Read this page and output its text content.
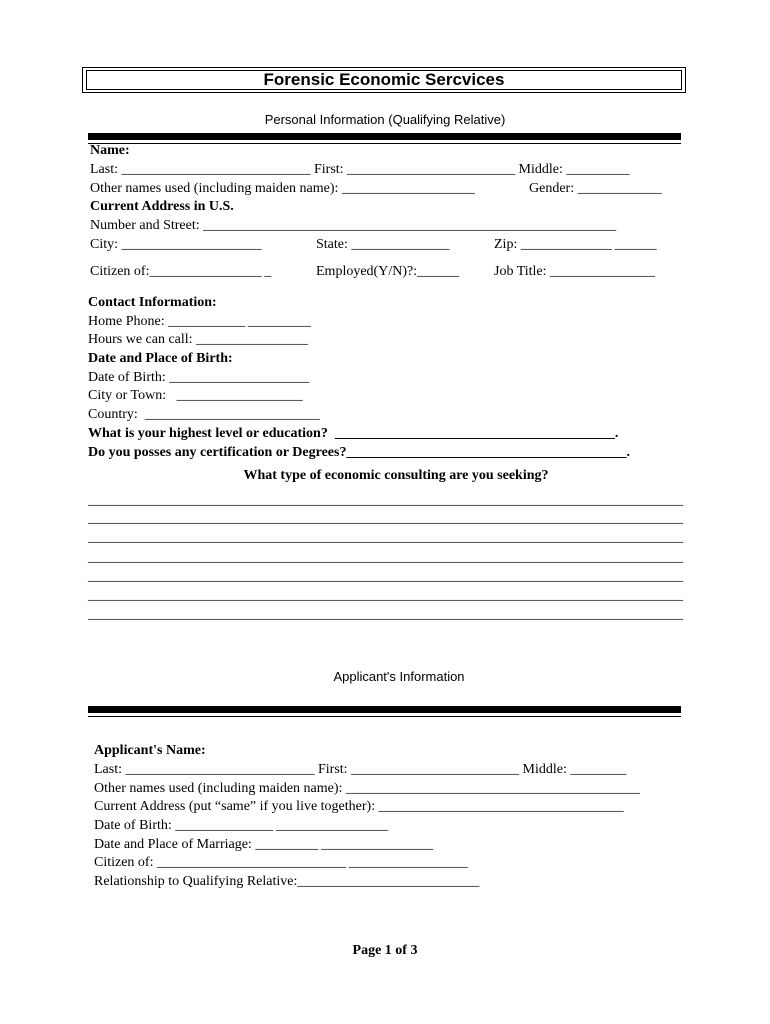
Forensic Economic Sercvices
Personal Information (Qualifying Relative)
Name:
Last: ___________________________ First: ________________________ Middle: _________
Other names used (including maiden name): ___________________	Gender: ____________
Current Address in U.S.
Number and Street: ___________________________________________________________
City: ____________________	State: ______________	Zip: _____________ ______
Citizen of:________________ _	Employed(Y/N)?:______ Job Title: _______________
Contact Information:
Home Phone: ___________ _________
Hours we can call: ________________
Date and Place of Birth:
Date of Birth: ____________________
City or Town:   __________________
Country:  _________________________
What is your highest level or education?  ________________________________________.
Do you posses any certification or Degrees?________________________________________.
What type of economic consulting are you seeking?
_____________________________________________________________________________________
_____________________________________________________________________________________
_____________________________________________________________________________________
_____________________________________________________________________________________
_____________________________________________________________________________________
_____________________________________________________________________________________
_____________________________________________________________________________________
Applicant's Information
Applicant's Name:
Last: ___________________________ First: ________________________ Middle: ________
Other names used (including maiden name): __________________________________________
Current Address (put “same” if you live together): ___________________________________
Date of Birth: ______________ ________________
Date and Place of Marriage: _________ ________________
Citizen of: ___________________________ _________________
Relationship to Qualifying Relative:__________________________
Page 1 of 3
